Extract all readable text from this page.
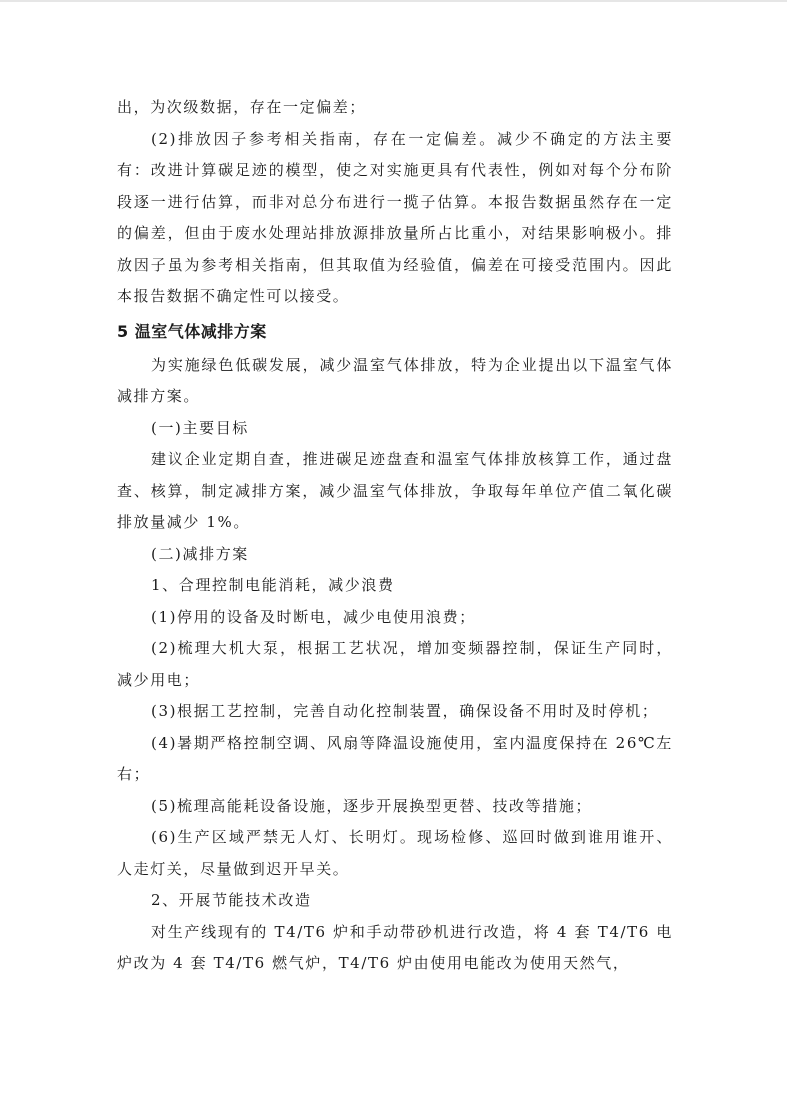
出，为次级数据，存在一定偏差；

(2)排放因子参考相关指南，存在一定偏差。减少不确定的方法主要有：改进计算碳足迹的模型，使之对实施更具有代表性，例如对每个分布阶段逐一进行估算，而非对总分布进行一揽子估算。本报告数据虽然存在一定的偏差，但由于废水处理站排放源排放量所占比重小，对结果影响极小。排放因子虽为参考相关指南，但其取值为经验值，偏差在可接受范围内。因此本报告数据不确定性可以接受。

5 温室气体减排方案

为实施绿色低碳发展，减少温室气体排放，特为企业提出以下温室气体减排方案。

(一)主要目标

建议企业定期自查，推进碳足迹盘查和温室气体排放核算工作，通过盘查、核算，制定减排方案，减少温室气体排放，争取每年单位产值二氧化碳排放量减少 1%。

(二)减排方案

1、合理控制电能消耗，减少浪费

(1)停用的设备及时断电，减少电使用浪费；

(2)梳理大机大泵，根据工艺状况，增加变频器控制，保证生产同时，减少用电；

(3)根据工艺控制，完善自动化控制装置，确保设备不用时及时停机；

(4)暑期严格控制空调、风扇等降温设施使用，室内温度保持在 26℃左右；

(5)梳理高能耗设备设施，逐步开展换型更替、技改等措施；

(6)生产区域严禁无人灯、长明灯。现场检修、巡回时做到谁用谁开、人走灯关，尽量做到迟开早关。

2、开展节能技术改造

对生产线现有的 T4/T6 炉和手动带砂机进行改造，将 4 套 T4/T6 电炉改为 4 套 T4/T6 燃气炉，T4/T6 炉由使用电能改为使用天然气，
